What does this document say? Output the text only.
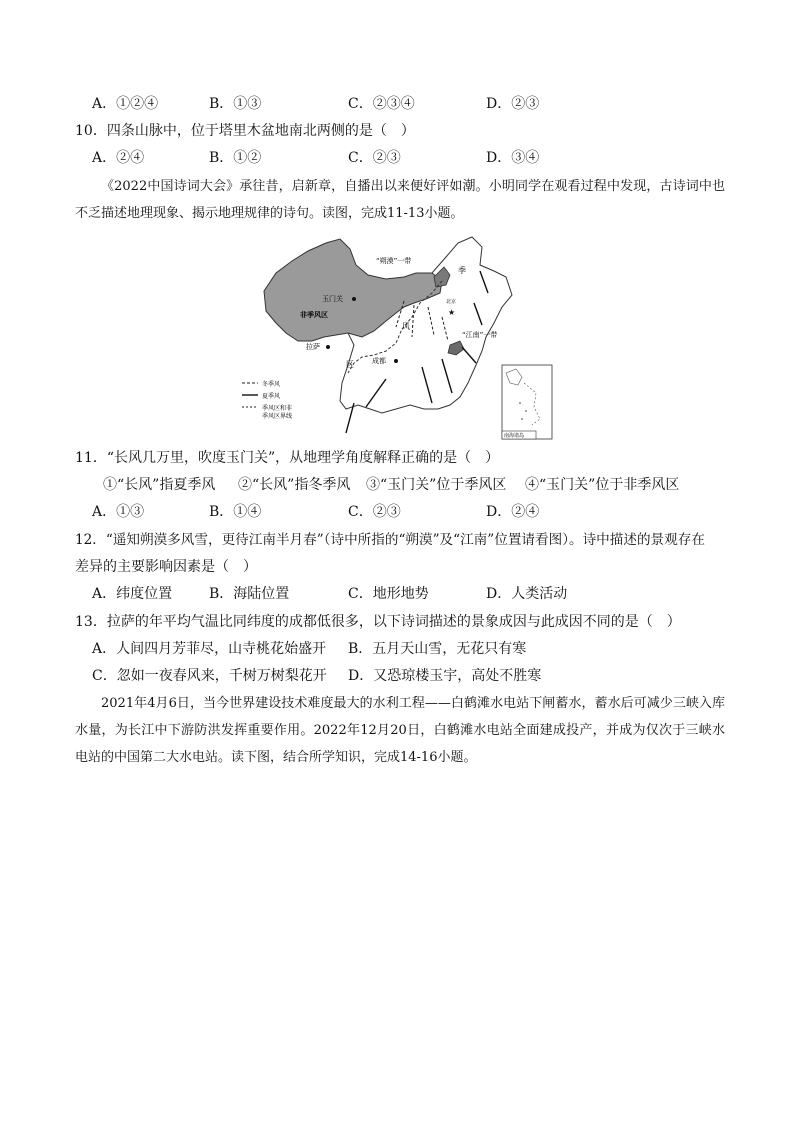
A．①②④	B．①③	C．②③④	D．②③
10．四条山脉中，位于塔里木盆地南北两侧的是（　）
A．②④	B．①②	C．②③	D．③④
《2022中国诗词大会》承往昔，启新章，自播出以来便好评如潮。小明同学在观看过程中发现，古诗词中也不乏描述地理现象、揭示地理规律的诗句。读图，完成11-13小题。
“朔漠”一带
季
北京
★
玉门关
非季风区
风
“江南”一带
拉萨
成都
区
冬季风
夏季风
季风区和非
季风区界线
南海诸岛
11．“长风几万里，吹度玉门关”，从地理学角度解释正确的是（　）
①“长风”指夏季风 ②“长风”指冬季风 ③“玉门关”位于季风区 ④“玉门关”位于非季风区
A．①③	B．①④	C．②③	D．②④
12．“遥知朔漠多风雪，更待江南半月春”（诗中所指的“朔漠”及“江南”位置请看图）。诗中描述的景观存在
差异的主要影响因素是（　）
A．纬度位置	B．海陆位置	C．地形地势	D．人类活动
13．拉萨的年平均气温比同纬度的成都低很多，以下诗词描述的景象成因与此成因不同的是（　）
A．人间四月芳菲尽，山寺桃花始盛开 B．五月天山雪，无花只有寒
C．忽如一夜春风来，千树万树梨花开 D．又恐琼楼玉宇，高处不胜寒
2021年4月6日，当今世界建设技术难度最大的水利工程——白鹤滩水电站下闸蓄水，蓄水后可减少三峡入库水量，为长江中下游防洪发挥重要作用。2022年12月20日，白鹤滩水电站全面建成投产，并成为仅次于三峡水电站的中国第二大水电站。读下图，结合所学知识，完成14-16小题。
